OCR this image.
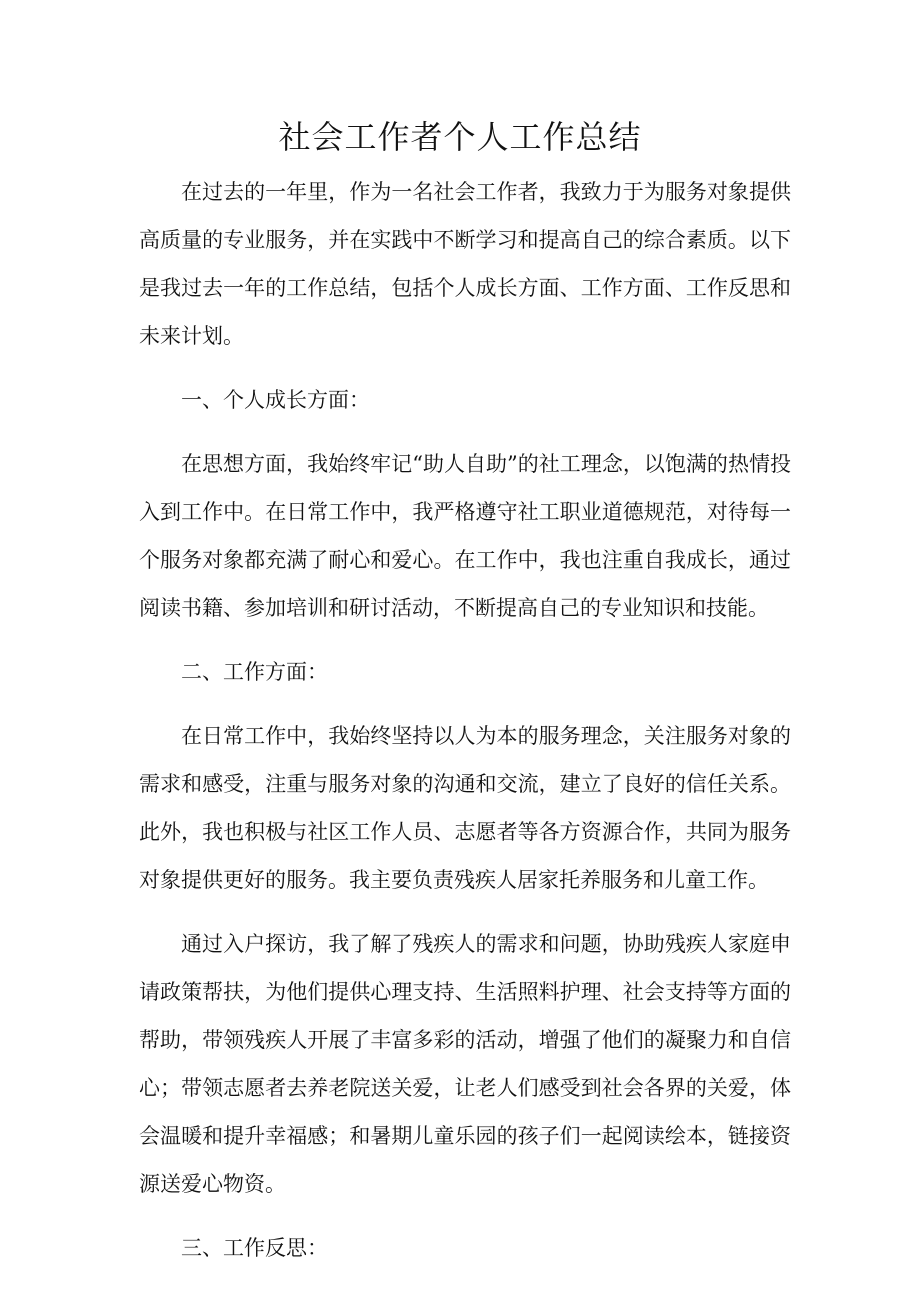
社会工作者个人工作总结

在过去的一年里，作为一名社会工作者，我致力于为服务对象提供高质量的专业服务，并在实践中不断学习和提高自己的综合素质。以下是我过去一年的工作总结，包括个人成长方面、工作方面、工作反思和未来计划。

一、个人成长方面：

在思想方面，我始终牢记“助人自助”的社工理念，以饱满的热情投入到工作中。在日常工作中，我严格遵守社工职业道德规范，对待每一个服务对象都充满了耐心和爱心。在工作中，我也注重自我成长，通过阅读书籍、参加培训和研讨活动，不断提高自己的专业知识和技能。

二、工作方面：

在日常工作中，我始终坚持以人为本的服务理念，关注服务对象的需求和感受，注重与服务对象的沟通和交流，建立了良好的信任关系。此外，我也积极与社区工作人员、志愿者等各方资源合作，共同为服务对象提供更好的服务。我主要负责残疾人居家托养服务和儿童工作。

通过入户探访，我了解了残疾人的需求和问题，协助残疾人家庭申请政策帮扶，为他们提供心理支持、生活照料护理、社会支持等方面的帮助，带领残疾人开展了丰富多彩的活动，增强了他们的凝聚力和自信心；带领志愿者去养老院送关爱，让老人们感受到社会各界的关爱，体会温暖和提升幸福感；和暑期儿童乐园的孩子们一起阅读绘本，链接资源送爱心物资。

三、工作反思：
